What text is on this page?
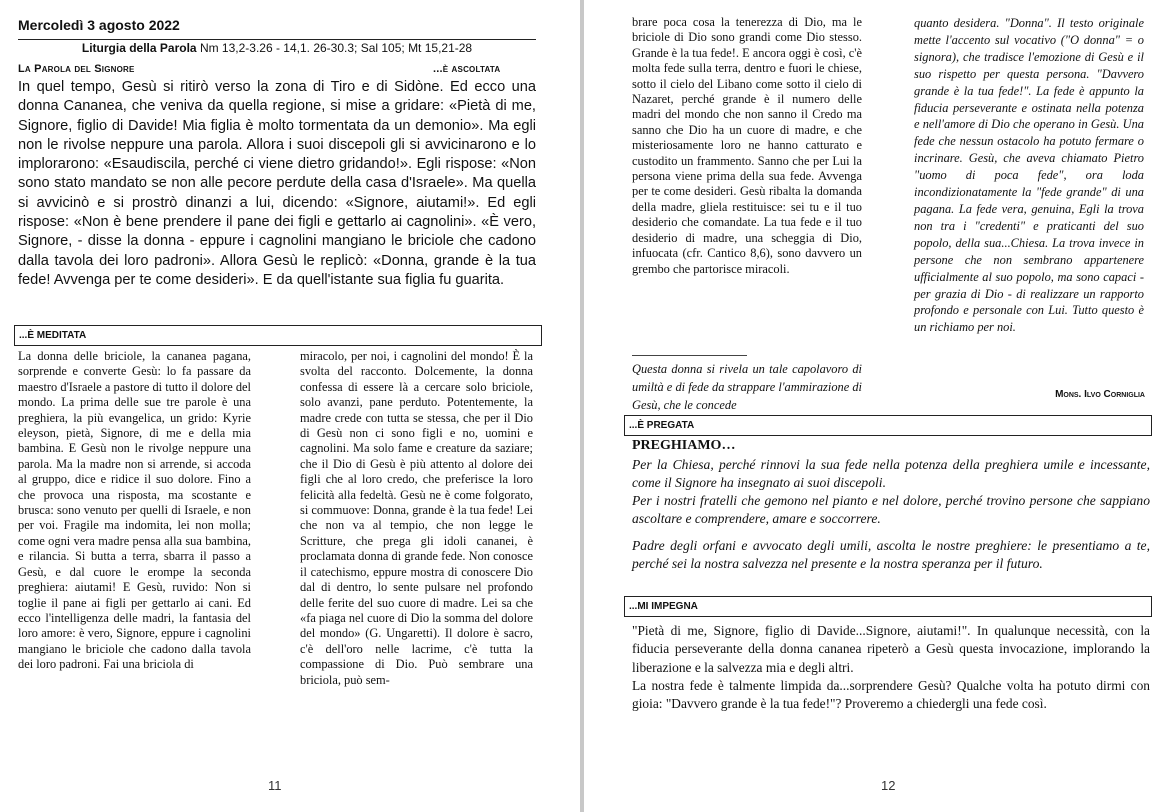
Mercoledì 3 agosto 2022
Liturgia della Parola Nm 13,2-3.26 - 14,1. 26-30.3; Sal 105; Mt 15,21-28
La Parola del Signore	...è ascoltata

In quel tempo, Gesù si ritirò verso la zona di Tiro e di Sidòne. Ed ecco una donna Cananea, che veniva da quella regione, si mise a gridare: «Pietà di me, Signore, figlio di Davide! Mia figlia è molto tormentata da un demonio». Ma egli non le rivolse neppure una parola. Allora i suoi discepoli gli si avvicinarono e lo implorarono: «Esaudiscila, perché ci viene dietro gridando!». Egli rispose: «Non sono stato mandato se non alle pecore perdute della casa d'Israele». Ma quella si avvicinò e si prostrò dinanzi a lui, dicendo: «Signore, aiutami!». Ed egli rispose: «Non è bene prendere il pane dei figli e gettarlo ai cagnolini». «È vero, Signore, - disse la donna - eppure i cagnolini mangiano le briciole che cadono dalla tavola dei loro padroni». Allora Gesù le replicò: «Donna, grande è la tua fede! Avvenga per te come desideri». E da quell'istante sua figlia fu guarita.

...È MEDITATA

La donna delle briciole, la cananea pagana, sorprende e converte Gesù: lo fa passare da maestro d'Israele a pastore di tutto il dolore del mondo. La prima delle sue tre parole è una preghiera, la più evangelica, un grido: Kyrie eleyson, pietà, Signore, di me e della mia bambina. E Gesù non le rivolge neppure una parola. Ma la madre non si arrende, si accoda al gruppo, dice e ridice il suo dolore. Fino a che provoca una risposta, ma scostante e brusca: sono venuto per quelli di Israele, e non per voi. Fragile ma indomita, lei non molla; come ogni vera madre pensa alla sua bambina, e rilancia. Si butta a terra, sbarra il passo a Gesù, e dal cuore le erompe la seconda preghiera: aiutami! E Gesù, ruvido: Non si toglie il pane ai figli per gettarlo ai cani. Ed ecco l'intelligenza delle madri, la fantasia del loro amore: è vero, Signore, eppure i cagnolini mangiano le briciole che cadono dalla tavola dei loro padroni. Fai una briciola di

miracolo, per noi, i cagnolini del mondo! È la svolta del racconto. Dolcemente, la donna confessa di essere là a cercare solo briciole, solo avanzi, pane perduto. Potentemente, la madre crede con tutta se stessa, che per il Dio di Gesù non ci sono figli e no, uomini e cagnolini. Ma solo fame e creature da saziare; che il Dio di Gesù è più attento al dolore dei figli che al loro credo, che preferisce la loro felicità alla fedeltà. Gesù ne è come folgorato, si commuove: Donna, grande è la tua fede! Lei che non va al tempio, che non legge le Scritture, che prega gli idoli cananei, è proclamata donna di grande fede. Non conosce il catechismo, eppure mostra di conoscere Dio dal di dentro, lo sente pulsare nel profondo delle ferite del suo cuore di madre. Lei sa che «fa piaga nel cuore di Dio la somma del dolore del mondo» (G. Ungaretti). Il dolore è sacro, c'è dell'oro nelle lacrime, c'è tutta la compassione di Dio. Può sembrare una briciola, può sem-

11

brare poca cosa la tenerezza di Dio, ma le briciole di Dio sono grandi come Dio stesso. Grande è la tua fede!. E ancora oggi è così, c'è molta fede sulla terra, dentro e fuori le chiese, sotto il cielo del Libano come sotto il cielo di Nazaret, perché grande è il numero delle madri del mondo che non sanno il Credo ma sanno che Dio ha un cuore di madre, e che misteriosamente loro ne hanno catturato e custodito un frammento. Sanno che per Lui la persona viene prima della sua fede. Avvenga per te come desideri. Gesù ribalta la domanda della madre, gliela restituisce: sei tu e il tuo desiderio che comandate. La tua fede e il tuo desiderio di madre, una scheggia di Dio, infuocata (cfr. Cantico 8,6), sono davvero un grembo che partorisce miracoli.

Questa donna si rivela un tale capolavoro di umiltà e di fede da strappare l'ammirazione di Gesù, che le concede

quanto desidera. "Donna". Il testo originale mette l'accento sul vocativo ("O donna" = o signora), che tradisce l'emozione di Gesù e il suo rispetto per questa persona. "Davvero grande è la tua fede!". La fede è appunto la fiducia perseverante e ostinata nella potenza e nell'amore di Dio che operano in Gesù. Una fede che nessun ostacolo ha potuto fermare o incrinare. Gesù, che aveva chiamato Pietro "uomo di poca fede", ora loda incondizionatamente la "fede grande" di una pagana. La fede vera, genuina, Egli la trova non tra i "credenti" e praticanti del suo popolo, della sua...Chiesa. La trova invece in persone che non sembrano appartenere ufficialmente al suo popolo, ma sono capaci - per grazia di Dio - di realizzare un rapporto profondo e personale con Lui. Tutto questo è un richiamo per noi.

Mons. Ilvo Corniglia
...È PREGATA
PREGHIAMO…

Per la Chiesa, perché rinnovi la sua fede nella potenza della preghiera umile e incessante, come il Signore ha insegnato ai suoi discepoli.

Per i nostri fratelli che gemono nel pianto e nel dolore, perché trovino persone che sappiano ascoltare e comprendere, amare e soccorrere.

Padre degli orfani e avvocato degli umili, ascolta le nostre preghiere: le presentiamo a te, perché sei la nostra salvezza nel presente e la nostra speranza per il futuro.

...MI IMPEGNA

"Pietà di me, Signore, figlio di Davide...Signore, aiutami!". In qualunque necessità, con la fiducia perseverante della donna cananea ripeterò a Gesù questa invocazione, implorando la liberazione e la salvezza mia e degli altri.

La nostra fede è talmente limpida da...sorprendere Gesù? Qualche volta ha potuto dirmi con gioia: "Davvero grande è la tua fede!"? Proveremo a chiedergli una fede così.

12
